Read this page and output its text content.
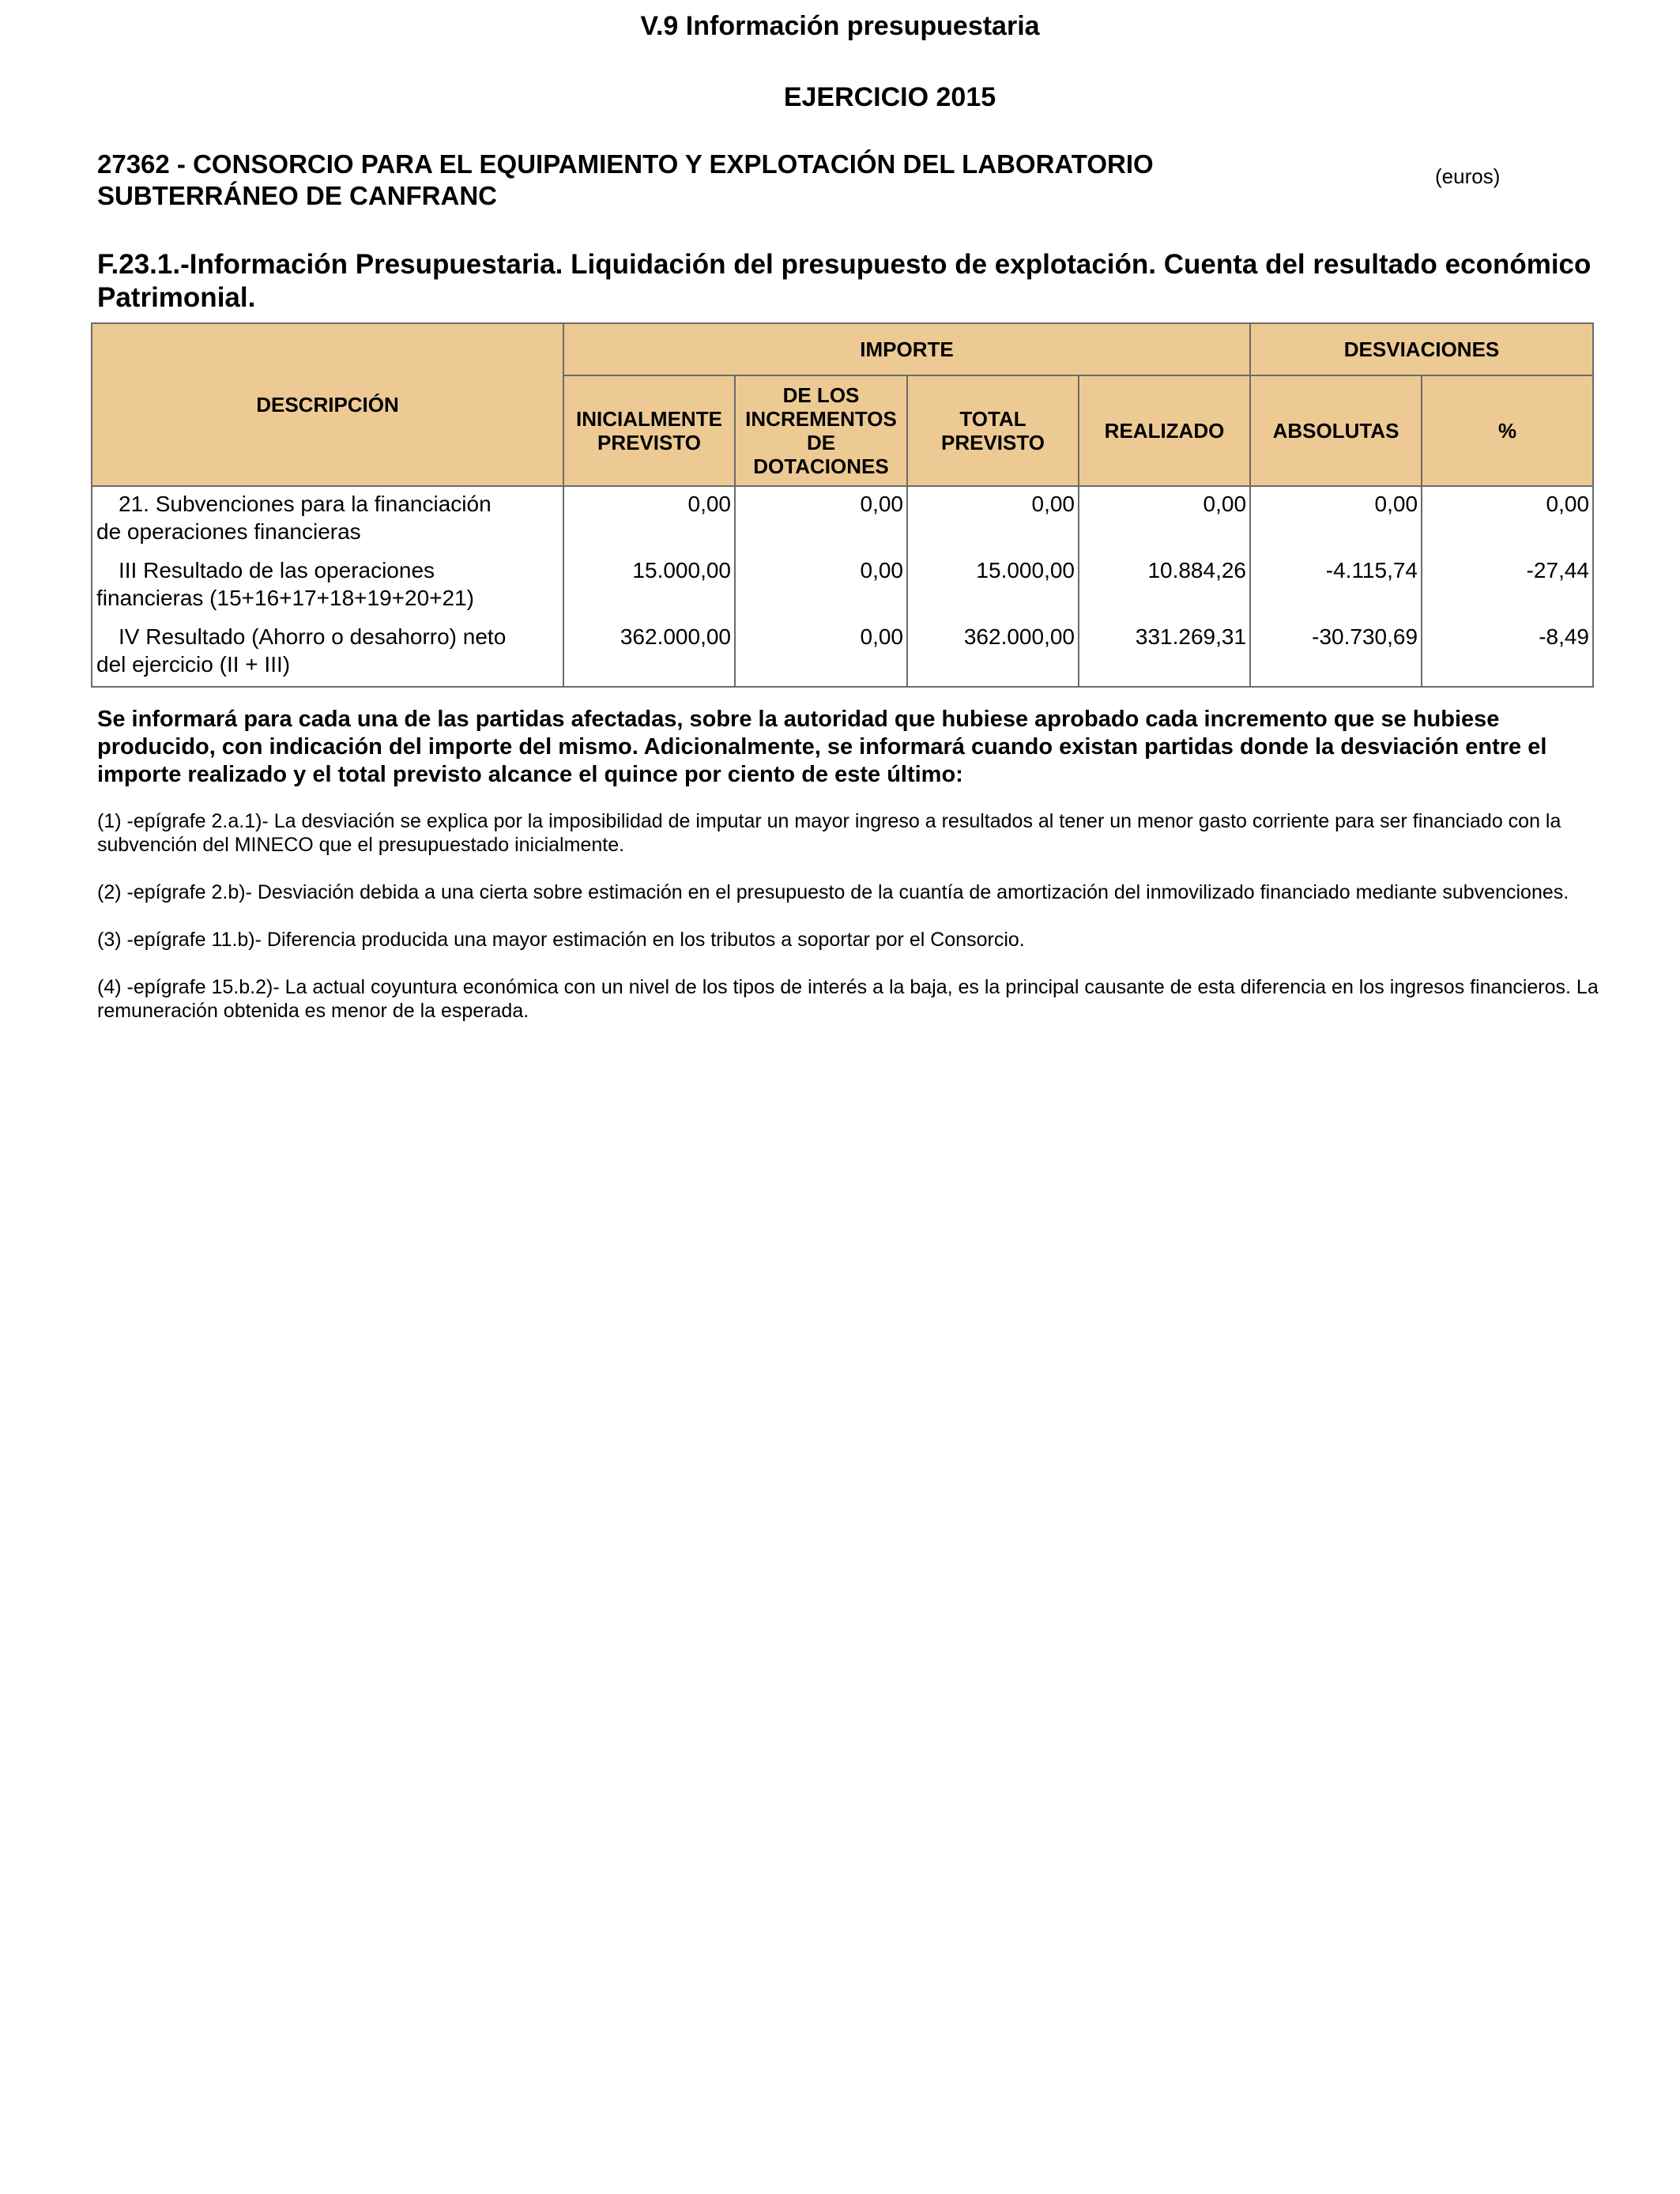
V.9 Información presupuestaria
EJERCICIO 2015
27362 - CONSORCIO PARA EL EQUIPAMIENTO Y EXPLOTACIÓN DEL LABORATORIO
SUBTERRÁNEO DE CANFRANC
(euros)
F.23.1.-Información Presupuestaria. Liquidación del presupuesto de explotación. Cuenta del resultado económico
Patrimonial.
DESCRIPCIÓN	IMPORTE				DESVIACIONES	
	INICIALMENTE PREVISTO	DE LOS INCREMENTOS DE DOTACIONES	TOTAL PREVISTO	REALIZADO	ABSOLUTAS	%

21. Subvenciones para la financiación
de operaciones financieras	0,00	0,00	0,00	0,00	0,00	0,00

III Resultado de las operaciones
financieras (15+16+17+18+19+20+21)	15.000,00	0,00	15.000,00	10.884,26	-4.115,74	-27,44

IV Resultado (Ahorro o desahorro) neto
del ejercicio (II + III)	362.000,00	0,00	362.000,00	331.269,31	-30.730,69	-8,49
Se informará para cada una de las partidas afectadas, sobre la autoridad que hubiese aprobado cada incremento que se hubiese producido, con indicación del importe del mismo. Adicionalmente, se informará cuando existan partidas donde la desviación entre el importe realizado y el total previsto alcance el quince por ciento de este último:

(1) -epígrafe 2.a.1)- La desviación se explica por la imposibilidad de imputar un mayor ingreso a resultados al tener un menor gasto corriente para ser financiado con la subvención del MINECO que el presupuestado inicialmente.

(2) -epígrafe 2.b)- Desviación debida a una cierta sobre estimación en el presupuesto de la cuantía de amortización del inmovilizado financiado mediante subvenciones.

(3) -epígrafe 11.b)- Diferencia producida una mayor estimación en los tributos a soportar por el Consorcio.

(4) -epígrafe 15.b.2)- La actual coyuntura económica con un nivel de los tipos de interés a la baja, es la principal causante de esta diferencia en los ingresos financieros. La remuneración obtenida es menor de la esperada.
